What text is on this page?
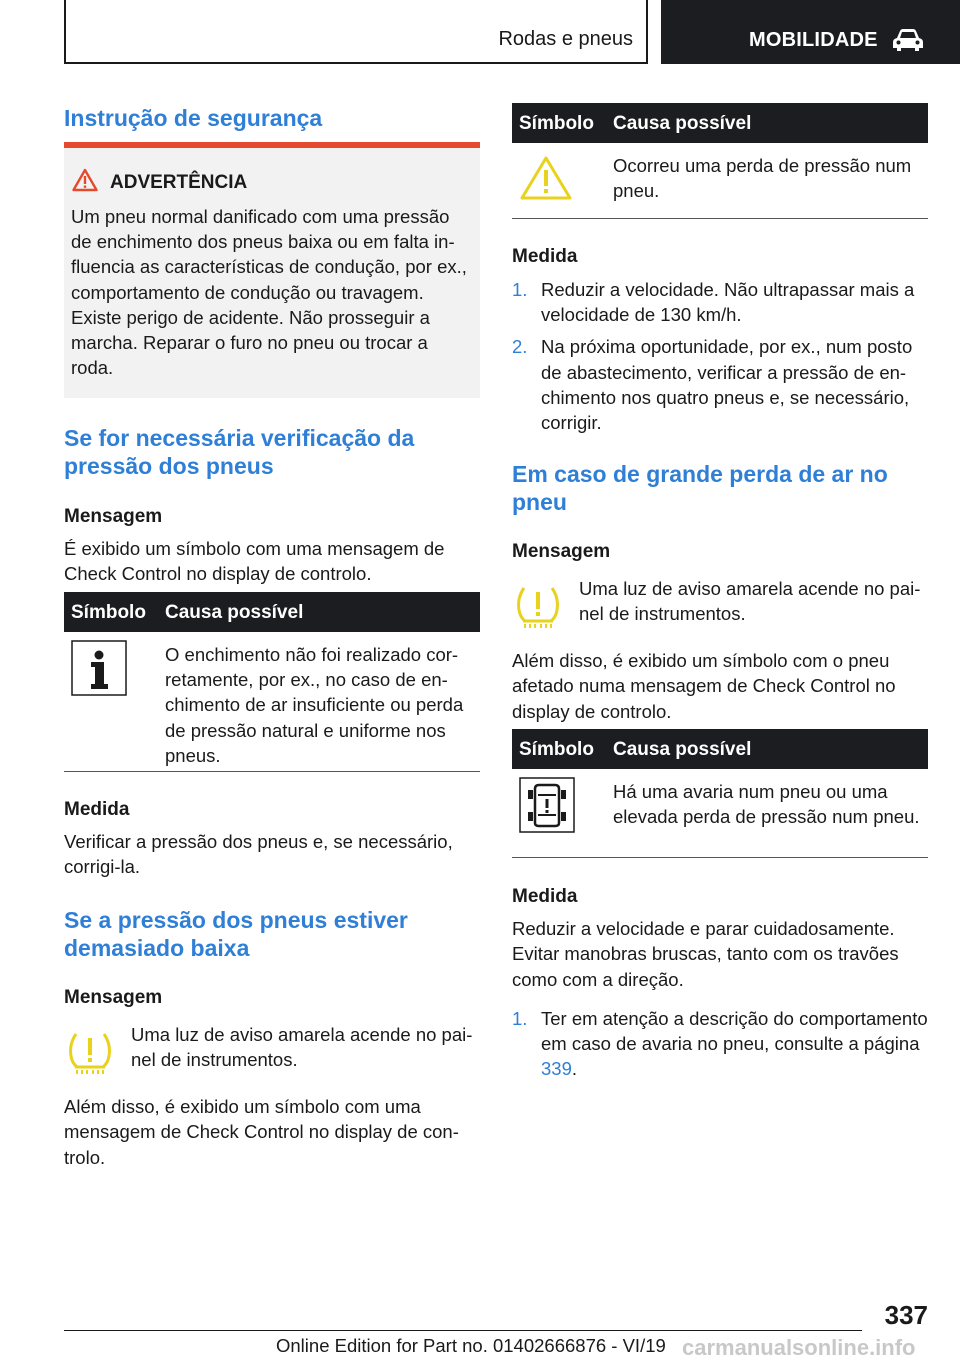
Rodas e pneus	MOBILIDADE
Instrução de segurança
ADVERTÊNCIA

Um pneu normal danificado com uma pressão de enchimento dos pneus baixa ou em falta influencia as características de condução, por ex., comportamento de condução ou travagem. Existe perigo de acidente. Não prosseguir a marcha. Reparar o furo no pneu ou trocar a roda.

Se for necessária verificação da pressão dos pneus

Mensagem

É exibido um símbolo com uma mensagem de Check Control no display de controlo.

Símbolo Causa possível

O enchimento não foi realizado corretamente, por ex., no caso de enchimento de ar insuficiente ou perda de pressão natural e uniforme nos pneus.

Medida

Verificar a pressão dos pneus e, se necessário, corrigi-la.

Se a pressão dos pneus estiver demasiado baixa

Mensagem

Uma luz de aviso amarela acende no painel de instrumentos.

Além disso, é exibido um símbolo com uma mensagem de Check Control no display de controlo.

Símbolo Causa possível

Ocorreu uma perda de pressão num pneu.

Medida

1. Reduzir a velocidade. Não ultrapassar mais a velocidade de 130 km/h.
2. Na próxima oportunidade, por ex., num posto de abastecimento, verificar a pressão de enchimento nos quatro pneus e, se necessário, corrigir.
Em caso de grande perda de ar no pneu

Mensagem

Uma luz de aviso amarela acende no painel de instrumentos.

Além disso, é exibido um símbolo com o pneu afetado numa mensagem de Check Control no display de controlo.

Símbolo Causa possível

Há uma avaria num pneu ou uma elevada perda de pressão num pneu.

Medida

Reduzir a velocidade e parar cuidadosamente. Evitar manobras bruscas, tanto com os travões como com a direção.

1. Ter em atenção a descrição do comportamento em caso de avaria no pneu, consulte a página 339.
337
Online Edition for Part no. 01402666876 - VI/19 carmanualsonline.info
